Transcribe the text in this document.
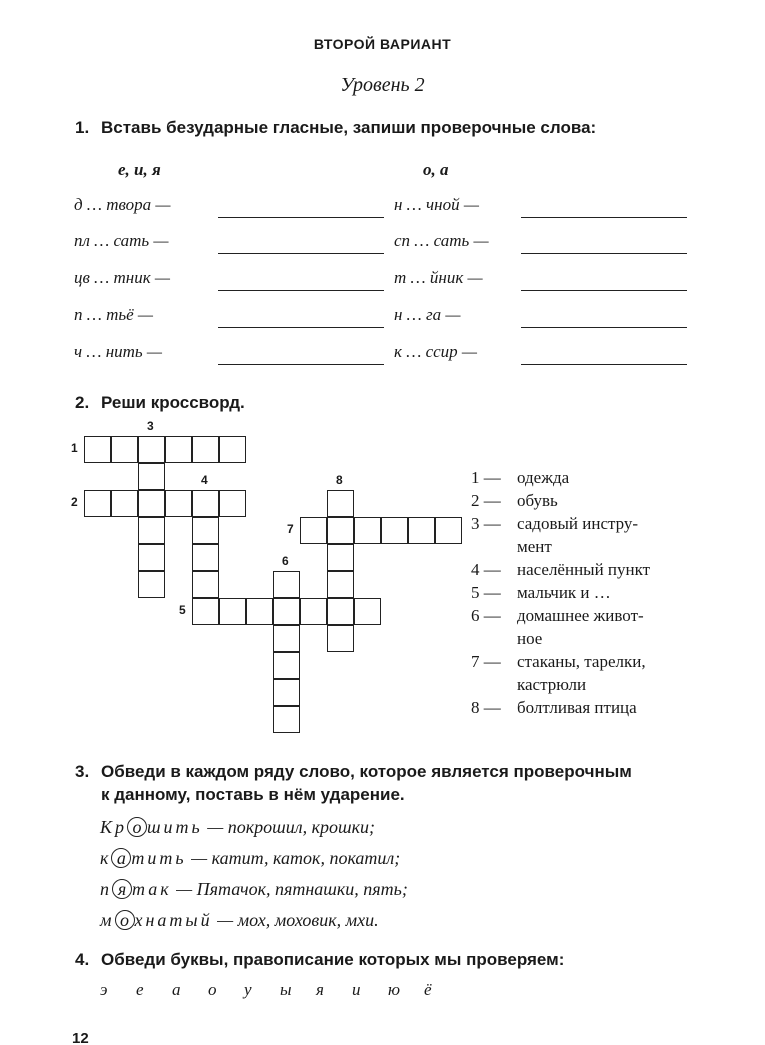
ВТОРОЙ ВАРИАНТ
Уровень 2
1. Вставь безударные гласные, запиши проверочные слова:
е, и, я	о, а
д … твора —	н … чной —
пл … сать —	сп … сать —
цв … тник —	т … йник —
п … тьё —	н … га —
ч … нить —	к … ссир —
2. Реши кроссворд.
1
2
3
4
5
6
7
8	1 — одежда
2 — обувь
3 — садовый инстру-
мент
4 — населённый пункт
5 — мальчик и …
6 — домашнее живот-
ное
7 — стаканы, тарелки,
кастрюли
8 — болтливая птица
3. Обведи в каждом ряду слово, которое является проверочным
к данному, поставь в нём ударение.
Кр о шить — покрошил, крошки;
к а тить — катит, каток, покатил;
п я так — Пятачок, пятнашки, пять;
м о хнатый — мох, моховик, мхи.
4. Обведи буквы, правописание которых мы проверяем:
э е а о у ы я и ю ё
12
